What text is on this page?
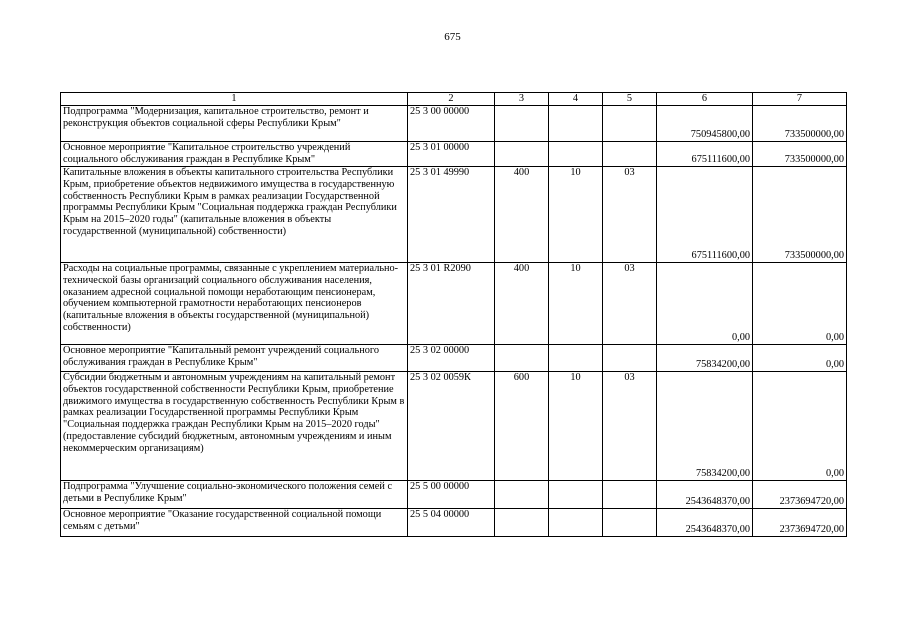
675
1	2	3	4	5	6	7
Подпрограмма "Модернизация, капитальное строительство, ремонт и реконструкция объектов социальной сферы Республики Крым"	25 3 00 00000				750945800,00	733500000,00
Основное мероприятие "Капитальное строительство учреждений социального обслуживания граждан в Республике Крым"	25 3 01 00000				675111600,00	733500000,00
Капитальные вложения в объекты капитального строительства Республики Крым, приобретение объектов недвижимого имущества в государственную собственность Республики Крым в рамках реализации Государственной программы Республики Крым "Социальная поддержка граждан Республики Крым на 2015–2020 годы" (капитальные вложения в объекты государственной (муниципальной) собственности)	25 3 01 49990	400	10	03	675111600,00	733500000,00
Расходы на социальные программы, связанные с укреплением материально-технической базы организаций социального обслуживания населения, оказанием адресной социальной помощи неработающим пенсионерам, обучением компьютерной грамотности неработающих пенсионеров (капитальные вложения в объекты государственной (муниципальной) собственности)	25 3 01 R2090	400	10	03	0,00	0,00
Основное мероприятие "Капитальный ремонт учреждений социального обслуживания граждан в Республике Крым"	25 3 02 00000				75834200,00	0,00
Субсидии бюджетным и автономным учреждениям на капитальный ремонт объектов государственной собственности Республики Крым, приобретение движимого имущества в государственную собственность Республики Крым в рамках реализации Государственной программы Республики Крым "Социальная поддержка граждан Республики Крым на 2015–2020 годы" (предоставление субсидий бюджетным, автономным учреждениям и иным некоммерческим организациям)	25 3 02 0059К	600	10	03	75834200,00	0,00
Подпрограмма "Улучшение социально-экономического положения семей с детьми в Республике Крым"	25 5 00 00000				2543648370,00	2373694720,00
Основное мероприятие "Оказание государственной социальной помощи семьям с детьми"	25 5 04 00000				2543648370,00	2373694720,00
